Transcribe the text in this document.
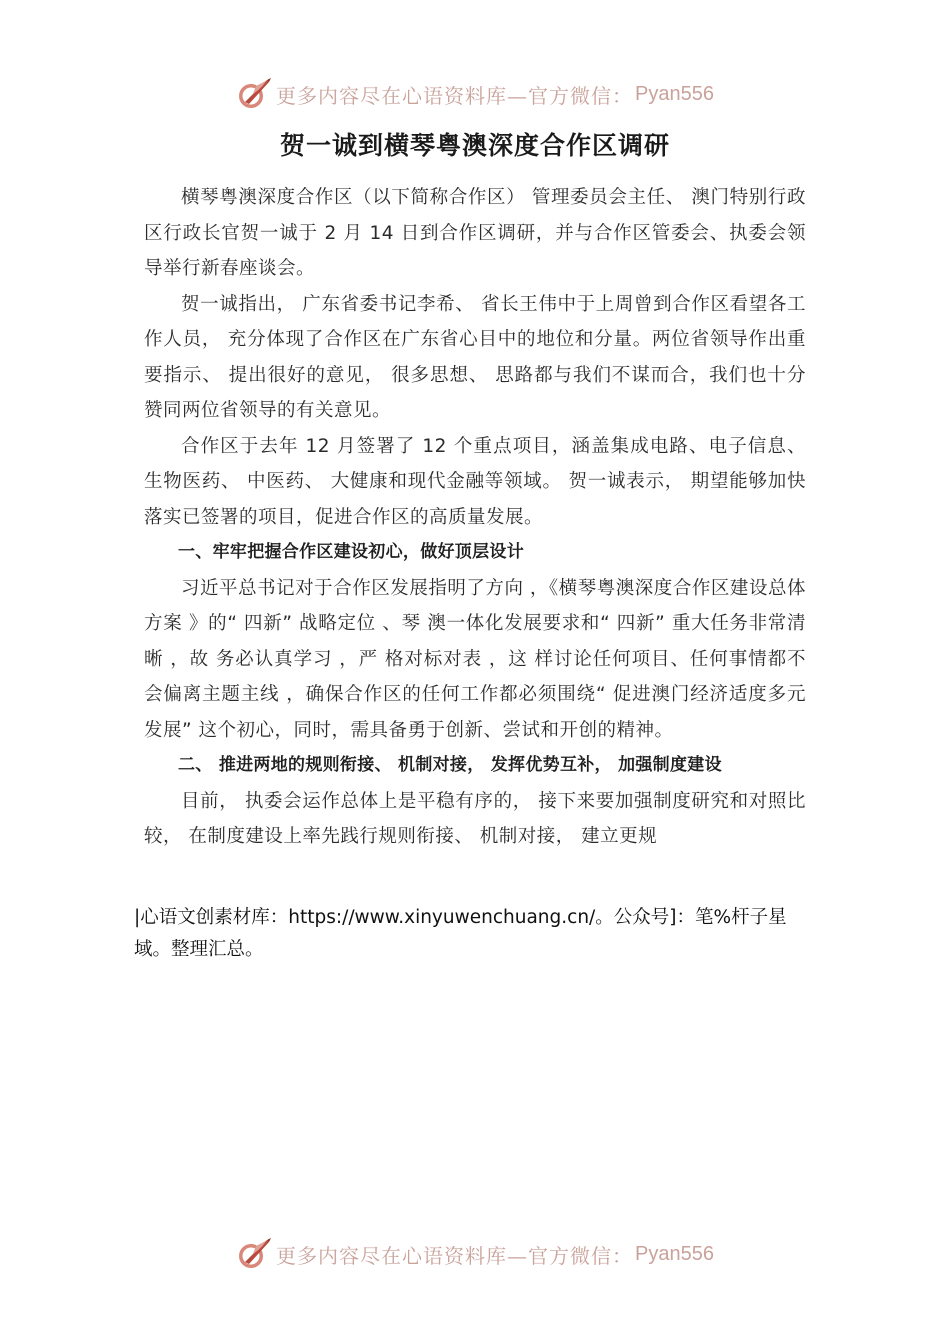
更多内容尽在心语资料库—官方微信： Pyan556
贺一诚到横琴粤澳深度合作区调研

横琴粤澳深度合作区（以下简称合作区） 管理委员会主任、 澳门特别行政区行政长官贺一诚于 2 月 14 日到合作区调研，并与合作区管委会、执委会领导举行新春座谈会。

贺一诚指出， 广东省委书记李希、 省长王伟中于上周曾到合作区看望各工作人员， 充分体现了合作区在广东省心目中的地位和分量。两位省领导作出重要指示、 提出很好的意见， 很多思想、 思路都与我们不谋而合，我们也十分赞同两位省领导的有关意见。

合作区于去年 12 月签署了 12 个重点项目，涵盖集成电路、电子信息、 生物医药、 中医药、 大健康和现代金融等领域。 贺一诚表示， 期望能够加快落实已签署的项目，促进合作区的高质量发展。

一、牢牢把握合作区建设初心，做好顶层设计

习近平总书记对于合作区发展指明了方向 ，《横琴粤澳深度合作区建设总体方案 》的“ 四新” 战略定位 、琴 澳一体化发展要求和“ 四新” 重大任务非常清晰 ，故 务必认真学习 ，严 格对标对表 ，这 样讨论任何项目、任何事情都不会偏离主题主线 ，确保合作区的任何工作都必须围绕“ 促进澳门经济适度多元发展” 这个初心，同时，需具备勇于创新、尝试和开创的精神。

二、 推进两地的规则衔接、 机制对接， 发挥优势互补， 加强制度建设

目前， 执委会运作总体上是平稳有序的， 接下来要加强制度研究和对照比较， 在制度建设上率先践行规则衔接、 机制对接， 建立更规

|心语文创素材库：https://www.xinyuwenchuang.cn/。公众号]：笔%杆子星域。整理汇总。
更多内容尽在心语资料库—官方微信： Pyan556
